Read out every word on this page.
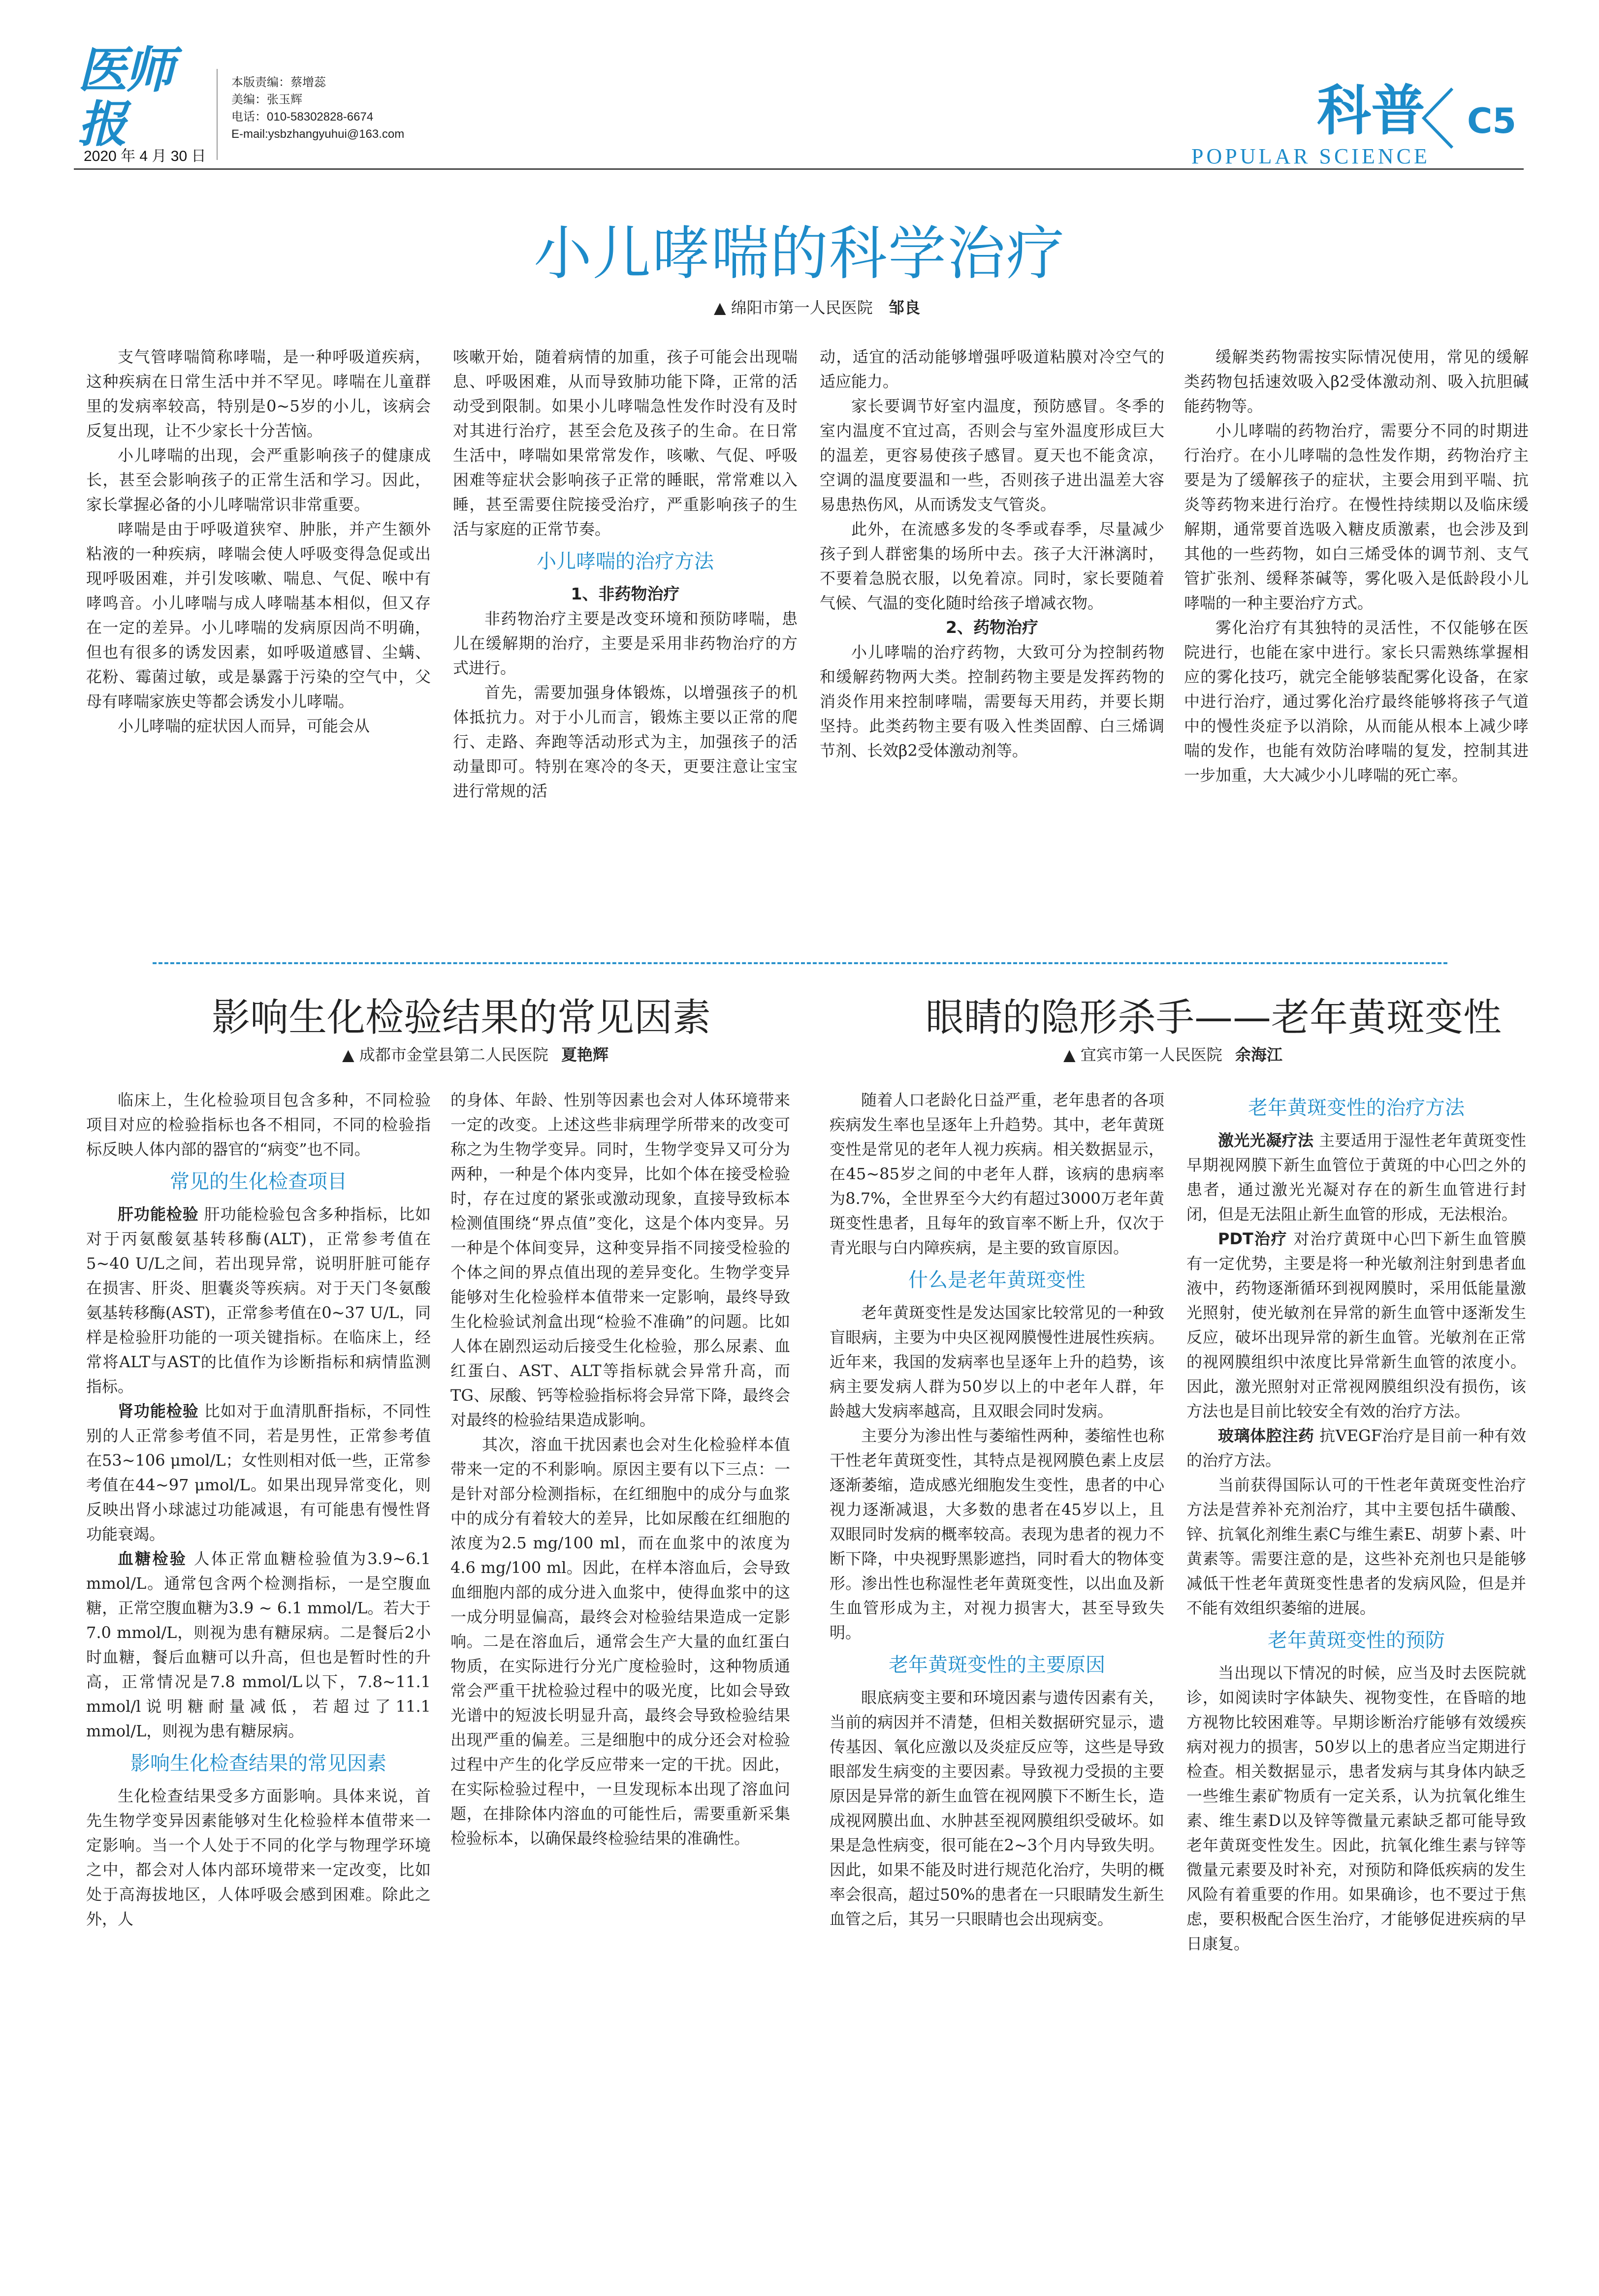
医师报
2020 年 4 月 30 日
本版责编：蔡增蕊
美编：张玉辉
电话：010-58302828-6674
E-mail:ysbzhangyuhui@163.com	科普 C5
POPULAR SCIENCE
小儿哮喘的科学治疗
▲ 绵阳市第一人民医院 邹良

支气管哮喘简称哮喘，是一种呼吸道疾病，这种疾病在日常生活中并不罕见。哮喘在儿童群里的发病率较高，特别是0~5岁的小儿，该病会反复出现，让不少家长十分苦恼。

小儿哮喘的出现，会严重影响孩子的健康成长，甚至会影响孩子的正常生活和学习。因此，家长掌握必备的小儿哮喘常识非常重要。

哮喘是由于呼吸道狭窄、肿胀，并产生额外粘液的一种疾病，哮喘会使人呼吸变得急促或出现呼吸困难，并引发咳嗽、喘息、气促、喉中有哮鸣音。小儿哮喘与成人哮喘基本相似，但又存在一定的差异。小儿哮喘的发病原因尚不明确，但也有很多的诱发因素，如呼吸道感冒、尘螨、花粉、霉菌过敏，或是暴露于污染的空气中，父母有哮喘家族史等都会诱发小儿哮喘。

小儿哮喘的症状因人而异，可能会从

咳嗽开始，随着病情的加重，孩子可能会出现喘息、呼吸困难，从而导致肺功能下降，正常的活动受到限制。如果小儿哮喘急性发作时没有及时对其进行治疗，甚至会危及孩子的生命。在日常生活中，哮喘如果常常发作，咳嗽、气促、呼吸困难等症状会影响孩子正常的睡眠，常常难以入睡，甚至需要住院接受治疗，严重影响孩子的生活与家庭的正常节奏。

小儿哮喘的治疗方法
1、非药物治疗

非药物治疗主要是改变环境和预防哮喘，患儿在缓解期的治疗，主要是采用非药物治疗的方式进行。

首先，需要加强身体锻炼，以增强孩子的机体抵抗力。对于小儿而言，锻炼主要以正常的爬行、走路、奔跑等活动形式为主，加强孩子的活动量即可。特别在寒冷的冬天，更要注意让宝宝进行常规的活

动，适宜的活动能够增强呼吸道粘膜对冷空气的适应能力。

家长要调节好室内温度，预防感冒。冬季的室内温度不宜过高，否则会与室外温度形成巨大的温差，更容易使孩子感冒。夏天也不能贪凉，空调的温度要温和一些，否则孩子进出温差大容易患热伤风，从而诱发支气管炎。

此外，在流感多发的冬季或春季，尽量减少孩子到人群密集的场所中去。孩子大汗淋漓时，不要着急脱衣服，以免着凉。同时，家长要随着气候、气温的变化随时给孩子增减衣物。

2、药物治疗

小儿哮喘的治疗药物，大致可分为控制药物和缓解药物两大类。控制药物主要是发挥药物的消炎作用来控制哮喘，需要每天用药，并要长期坚持。此类药物主要有吸入性类固醇、白三烯调节剂、长效β2受体激动剂等。

缓解类药物需按实际情况使用，常见的缓解类药物包括速效吸入β2受体激动剂、吸入抗胆碱能药物等。

小儿哮喘的药物治疗，需要分不同的时期进行治疗。在小儿哮喘的急性发作期，药物治疗主要是为了缓解孩子的症状，主要会用到平喘、抗炎等药物来进行治疗。在慢性持续期以及临床缓解期，通常要首选吸入糖皮质激素，也会涉及到其他的一些药物，如白三烯受体的调节剂、支气管扩张剂、缓释茶碱等，雾化吸入是低龄段小儿哮喘的一种主要治疗方式。

雾化治疗有其独特的灵活性，不仅能够在医院进行，也能在家中进行。家长只需熟练掌握相应的雾化技巧，就完全能够装配雾化设备，在家中进行治疗，通过雾化治疗最终能够将孩子气道中的慢性炎症予以消除，从而能从根本上减少哮喘的发作，也能有效防治哮喘的复发，控制其进一步加重，大大减少小儿哮喘的死亡率。

影响生化检验结果的常见因素
▲ 成都市金堂县第二人民医院 夏艳辉

临床上，生化检验项目包含多种，不同检验项目对应的检验指标也各不相同，不同的检验指标反映人体内部的器官的“病变”也不同。

常见的生化检查项目

肝功能检验 肝功能检验包含多种指标，比如对于丙氨酸氨基转移酶(ALT)，正常参考值在5~40 U/L之间，若出现异常，说明肝脏可能存在损害、肝炎、胆囊炎等疾病。对于天门冬氨酸氨基转移酶(AST)，正常参考值在0~37 U/L，同样是检验肝功能的一项关键指标。在临床上，经常将ALT与AST的比值作为诊断指标和病情监测指标。

肾功能检验 比如对于血清肌酐指标，不同性别的人正常参考值不同，若是男性，正常参考值在53~106 μmol/L；女性则相对低一些，正常参考值在44~97 μmol/L。如果出现异常变化，则反映出肾小球滤过功能减退，有可能患有慢性肾功能衰竭。

血糖检验 人体正常血糖检验值为3.9~6.1 mmol/L。通常包含两个检测指标，一是空腹血糖，正常空腹血糖为3.9 ~ 6.1 mmol/L。若大于7.0 mmol/L，则视为患有糖尿病。二是餐后2小时血糖，餐后血糖可以升高，但也是暂时性的升高，正常情况是7.8 mmol/L以下，7.8~11.1 mmol/l说明糖耐量减低，若超过了11.1 mmol/L，则视为患有糖尿病。

影响生化检查结果的常见因素

生化检查结果受多方面影响。具体来说，首先生物学变异因素能够对生化检验样本值带来一定影响。当一个人处于不同的化学与物理学环境之中，都会对人体内部环境带来一定改变，比如处于高海拔地区，人体呼吸会感到困难。除此之外，人

的身体、年龄、性别等因素也会对人体环境带来一定的改变。上述这些非病理学所带来的改变可称之为生物学变异。同时，生物学变异又可分为两种，一种是个体内变异，比如个体在接受检验时，存在过度的紧张或激动现象，直接导致标本检测值围绕“界点值”变化，这是个体内变异。另一种是个体间变异，这种变异指不同接受检验的个体之间的界点值出现的差异变化。生物学变异能够对生化检验样本值带来一定影响，最终导致生化检验试剂盒出现“检验不准确”的问题。比如人体在剧烈运动后接受生化检验，那么尿素、血红蛋白、AST、ALT等指标就会异常升高，而TG、尿酸、钙等检验指标将会异常下降，最终会对最终的检验结果造成影响。

其次，溶血干扰因素也会对生化检验样本值带来一定的不利影响。原因主要有以下三点：一是针对部分检测指标，在红细胞中的成分与血浆中的成分有着较大的差异，比如尿酸在红细胞的浓度为2.5 mg/100 ml，而在血浆中的浓度为4.6 mg/100 ml。因此，在样本溶血后，会导致血细胞内部的成分进入血浆中，使得血浆中的这一成分明显偏高，最终会对检验结果造成一定影响。二是在溶血后，通常会生产大量的血红蛋白物质，在实际进行分光广度检验时，这种物质通常会严重干扰检验过程中的吸光度，比如会导致光谱中的短波长明显升高，最终会导致检验结果出现严重的偏差。三是细胞中的成分还会对检验过程中产生的化学反应带来一定的干扰。因此，在实际检验过程中，一旦发现标本出现了溶血问题，在排除体内溶血的可能性后，需要重新采集检验标本，以确保最终检验结果的准确性。

眼睛的隐形杀手——老年黄斑变性
▲ 宜宾市第一人民医院 余海江

随着人口老龄化日益严重，老年患者的各项疾病发生率也呈逐年上升趋势。其中，老年黄斑变性是常见的老年人视力疾病。相关数据显示，在45~85岁之间的中老年人群，该病的患病率为8.7%，全世界至今大约有超过3000万老年黄斑变性患者，且每年的致盲率不断上升，仅次于青光眼与白内障疾病，是主要的致盲原因。

什么是老年黄斑变性

老年黄斑变性是发达国家比较常见的一种致盲眼病，主要为中央区视网膜慢性进展性疾病。近年来，我国的发病率也呈逐年上升的趋势，该病主要发病人群为50岁以上的中老年人群，年龄越大发病率越高，且双眼会同时发病。

主要分为渗出性与萎缩性两种，萎缩性也称干性老年黄斑变性，其特点是视网膜色素上皮层逐渐萎缩，造成感光细胞发生变性，患者的中心视力逐渐减退，大多数的患者在45岁以上，且双眼同时发病的概率较高。表现为患者的视力不断下降，中央视野黑影遮挡，同时看大的物体变形。渗出性也称湿性老年黄斑变性，以出血及新生血管形成为主，对视力损害大，甚至导致失明。

老年黄斑变性的主要原因

眼底病变主要和环境因素与遗传因素有关，当前的病因并不清楚，但相关数据研究显示，遗传基因、氧化应激以及炎症反应等，这些是导致眼部发生病变的主要因素。导致视力受损的主要原因是异常的新生血管在视网膜下不断生长，造成视网膜出血、水肿甚至视网膜组织受破坏。如果是急性病变，很可能在2~3个月内导致失明。因此，如果不能及时进行规范化治疗，失明的概率会很高，超过50%的患者在一只眼睛发生新生血管之后，其另一只眼睛也会出现病变。

老年黄斑变性的治疗方法

激光光凝疗法 主要适用于湿性老年黄斑变性早期视网膜下新生血管位于黄斑的中心凹之外的患者，通过激光光凝对存在的新生血管进行封闭，但是无法阻止新生血管的形成，无法根治。

PDT治疗 对治疗黄斑中心凹下新生血管膜有一定优势，主要是将一种光敏剂注射到患者血液中，药物逐渐循环到视网膜时，采用低能量激光照射，使光敏剂在异常的新生血管中逐渐发生反应，破坏出现异常的新生血管。光敏剂在正常的视网膜组织中浓度比异常新生血管的浓度小。因此，激光照射对正常视网膜组织没有损伤，该方法也是目前比较安全有效的治疗方法。

玻璃体腔注药 抗VEGF治疗是目前一种有效的治疗方法。

当前获得国际认可的干性老年黄斑变性治疗方法是营养补充剂治疗，其中主要包括牛磺酸、锌、抗氧化剂维生素C与维生素E、胡萝卜素、叶黄素等。需要注意的是，这些补充剂也只是能够减低干性老年黄斑变性患者的发病风险，但是并不能有效组织萎缩的进展。

老年黄斑变性的预防

当出现以下情况的时候，应当及时去医院就诊，如阅读时字体缺失、视物变性，在昏暗的地方视物比较困难等。早期诊断治疗能够有效缓疾病对视力的损害，50岁以上的患者应当定期进行检查。相关数据显示，患者发病与其身体内缺乏一些维生素矿物质有一定关系，认为抗氧化维生素、维生素D以及锌等微量元素缺乏都可能导致老年黄斑变性发生。因此，抗氧化维生素与锌等微量元素要及时补充，对预防和降低疾病的发生风险有着重要的作用。如果确诊，也不要过于焦虑，要积极配合医生治疗，才能够促进疾病的早日康复。
